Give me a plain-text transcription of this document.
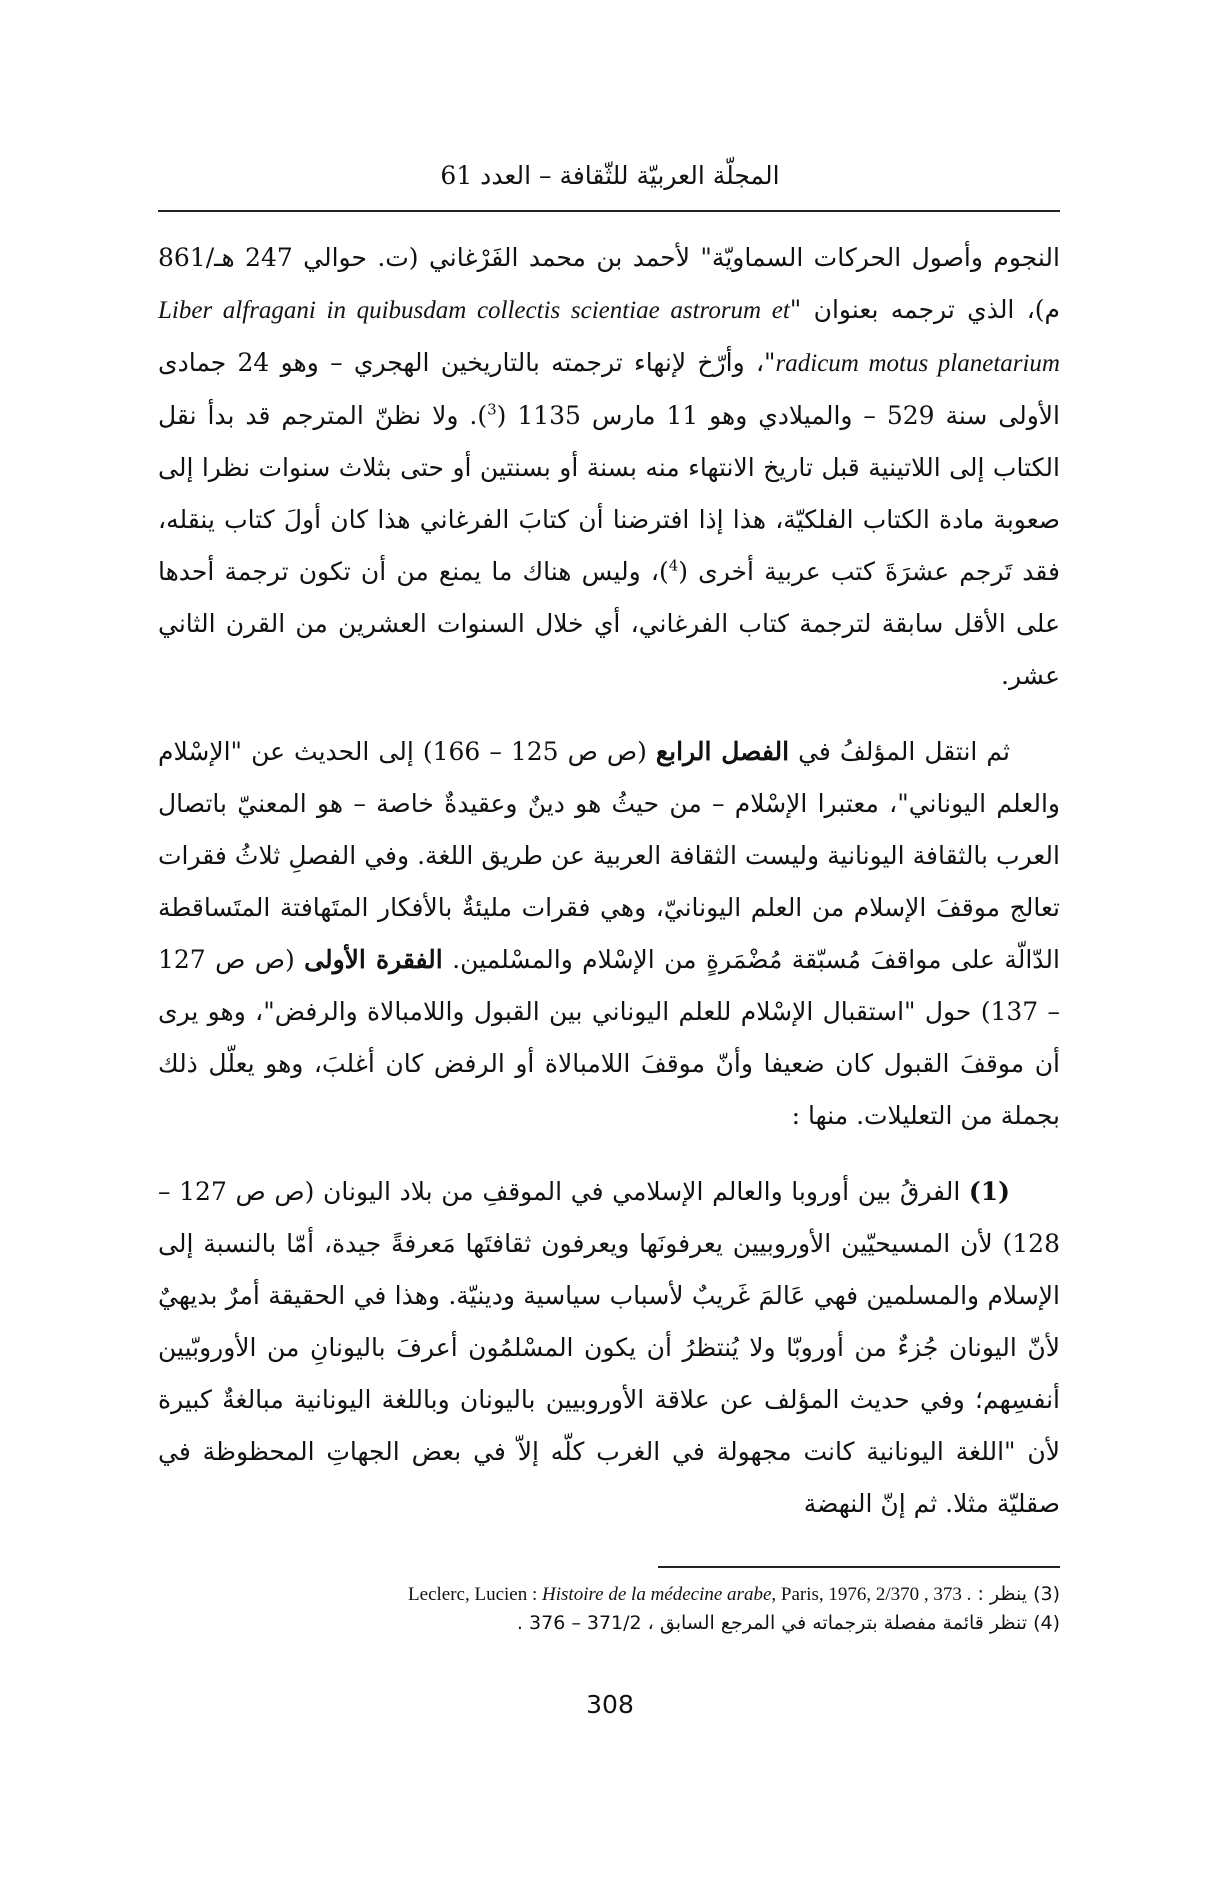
المجلّة العربيّة للثّقافة – العدد 61

النجوم وأصول الحركات السماويّة" لأحمد بن محمد الفَرْغاني (ت. حوالي 247 هـ/861 م)، الذي ترجمه بعنوان "Liber alfragani in quibusdam collectis scientiae astrorum et radicum motus planetarium"، وأرّخ لإنهاء ترجمته بالتاريخين الهجري – وهو 24 جمادى الأولى سنة 529 – والميلادي وهو 11 مارس 1135 ($^3$). ولا نظنّ المترجم قد بدأ نقل الكتاب إلى اللاتينية قبل تاريخ الانتهاء منه بسنة أو بسنتين أو حتى بثلاث سنوات نظرا إلى صعوبة مادة الكتاب الفلكيّة، هذا إذا افترضنا أن كتابَ الفرغاني هذا كان أولَ كتاب ينقله، فقد تَرجم عشرَةَ كتب عربية أخرى ($^4$)، وليس هناك ما يمنع من أن تكون ترجمة أحدها على الأقل سابقة لترجمة كتاب الفرغاني، أي خلال السنوات العشرين من القرن الثاني عشر.

ثم انتقل المؤلفُ في الفصل الرابع (ص ص 125 – 166) إلى الحديث عن "الإسْلام والعلم اليوناني"، معتبرا الإسْلام – من حيثُ هو دينٌ وعقيدةٌ خاصة – هو المعنيّ باتصال العرب بالثقافة اليونانية وليست الثقافة العربية عن طريق اللغة. وفي الفصلِ ثلاثُ فقرات تعالج موقفَ الإسلام من العلم اليونانيّ، وهي فقرات مليئةٌ بالأفكار المتَهافتة المتَساقطة الدّالّة على مواقفَ مُسبّقة مُضْمَرةٍ من الإسْلام والمسْلمين. الفقرة الأولى (ص ص 127 – 137) حول "استقبال الإسْلام للعلم اليوناني بين القبول واللامبالاة والرفض"، وهو يرى أن موقفَ القبول كان ضعيفا وأنّ موقفَ اللامبالاة أو الرفض كان أغلبَ، وهو يعلّل ذلك بجملة من التعليلات. منها :

(1) الفرقُ بين أوروبا والعالم الإسلامي في الموقفِ من بلاد اليونان (ص ص 127 – 128) لأن المسيحيّين الأوروبيين يعرفونَها ويعرفون ثقافتَها مَعرفةً جيدة، أمّا بالنسبة إلى الإسلام والمسلمين فهي عَالمَ غَريبٌ لأسباب سياسية ودينيّة. وهذا في الحقيقة أمرٌ بديهيٌ لأنّ اليونان جُزءٌ من أوروبّا ولا يُنتظرُ أن يكون المسْلمُون أعرفَ باليونانِ من الأوروبّيين أنفسِهم؛ وفي حديث المؤلف عن علاقة الأوروبيين باليونان وباللغة اليونانية مبالغةٌ كبيرة لأن "اللغة اليونانية كانت مجهولة في الغرب كلّه إلاّ في بعض الجهاتِ المحظوظة في صقليّة مثلا. ثم إنّ النهضة

(3) ينظر : Leclerc, Lucien : Histoire de la médecine arabe, Paris, 1976, 2/370 , 373 .

(4) تنظر قائمة مفصلة بترجماته في المرجع السابق ، 371/2 – 376 .

308
